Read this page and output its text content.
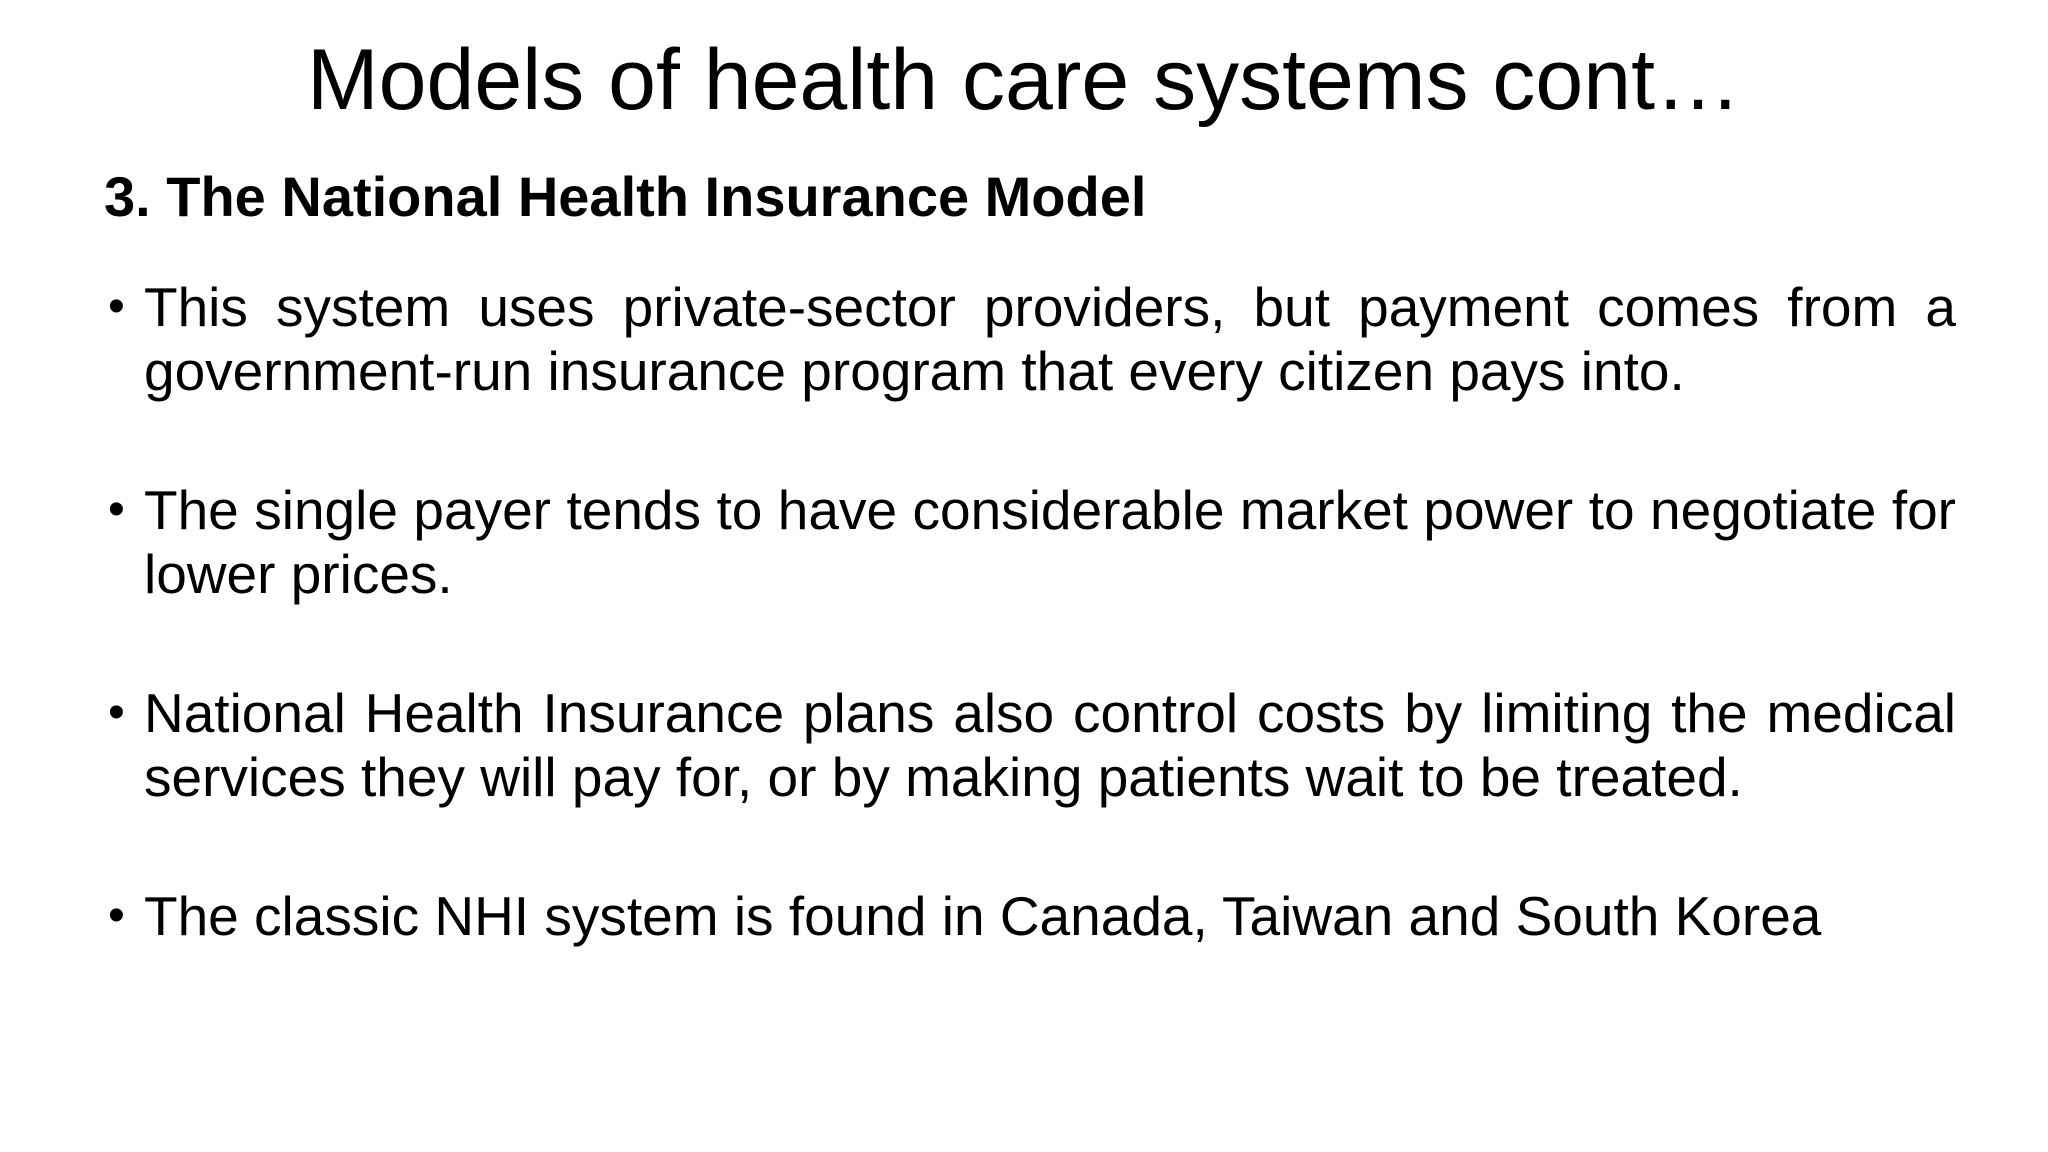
Models of health care systems cont…
3. The National Health Insurance Model
• This system uses private-sector providers, but payment comes from a government-run insurance program that every citizen pays into.
• The single payer tends to have considerable market power to negotiate for lower prices.
• National Health Insurance plans also control costs by limiting the medical services they will pay for, or by making patients wait to be treated.
• The classic NHI system is found in Canada, Taiwan and South Korea
